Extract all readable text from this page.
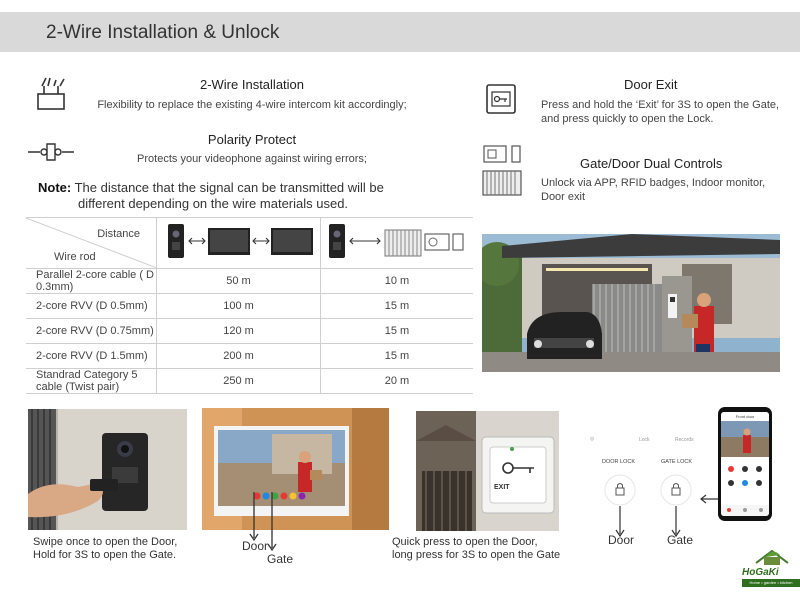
2-Wire Installation & Unlock
2-Wire Installation
Flexibility to replace the existing 4-wire intercom kit accordingly;
Polarity Protect
Protects your videophone against wiring errors;
Note: The distance that the signal can be transmitted will be
different depending on the wire materials used.
Door Exit
Press and hold the ‘Exit’ for 3S to open the Gate, and press quickly to open the Lock.
Gate/Door Dual Controls
Unlock via APP, RFID badges, Indoor monitor, Door exit
Distance
Wire rod

Parallel 2-core cable ( D 0.3mm)	50 m	10 m
2-core RVV (D 0.5mm)	100 m	15 m
2-core RVV (D 0.75mm)	120 m	15 m
2-core RVV (D 1.5mm)	200 m	15 m
Standrad Category 5 cable (Twist pair)	250 m	20 m
Swipe once to open the Door,
Hold for 3S to open the Gate.
Door
Gate
EXIT
Quick press to open the Door,
long press for 3S to open the Gate
◎	Lock	Records
DOOR LOCK	GATE LOCK
Door	Gate
Front door
HoGaKi
Home • garden • kitchen
